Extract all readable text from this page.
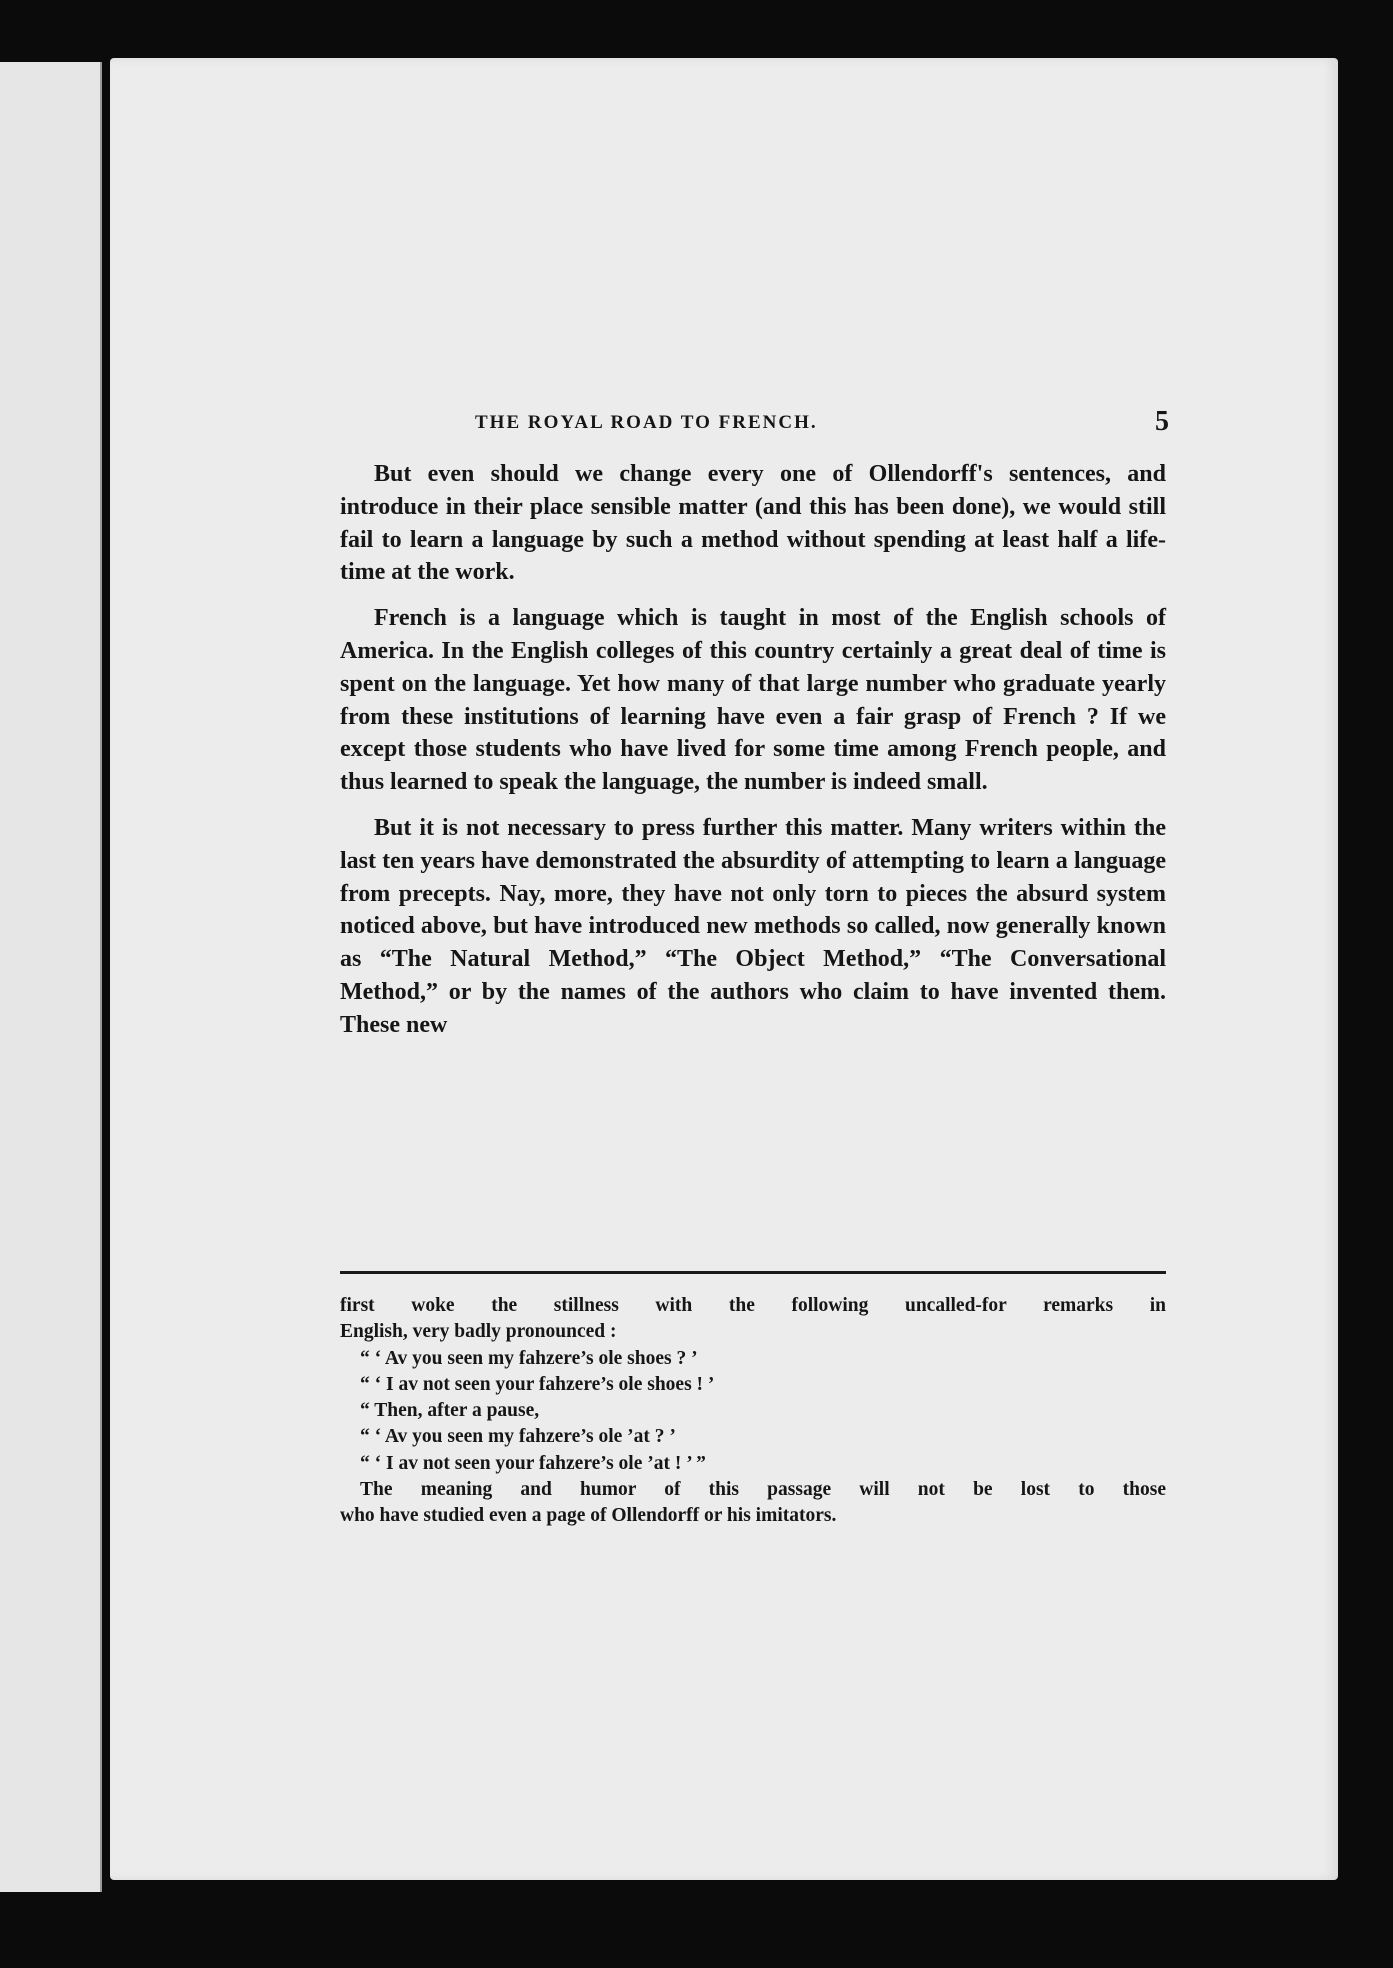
THE ROYAL ROAD TO FRENCH.	5

But even should we change every one of Ollendorff's sentences, and introduce in their place sensible matter (and this has been done), we would still fail to learn a language by such a method without spending at least half a life-time at the work.

French is a language which is taught in most of the English schools of America. In the English colleges of this country certainly a great deal of time is spent on the language. Yet how many of that large number who graduate yearly from these institutions of learning have even a fair grasp of French ? If we except those students who have lived for some time among French people, and thus learned to speak the language, the number is indeed small.

But it is not necessary to press further this matter. Many writers within the last ten years have demonstrated the absurdity of attempting to learn a language from precepts. Nay, more, they have not only torn to pieces the absurd system noticed above, but have introduced new methods so called, now generally known as “The Natural Method,” “The Object Method,” “The Conversational Method,” or by the names of the authors who claim to have invented them. These new

first woke the stillness with the following uncalled-for remarks in
English, very badly pronounced :
“ ‘ Av you seen my fahzere’s ole shoes ? ’
“ ‘ I av not seen your fahzere’s ole shoes ! ’
“ Then, after a pause,
“ ‘ Av you seen my fahzere’s ole ’at ? ’
“ ‘ I av not seen your fahzere’s ole ’at ! ’ ”
The meaning and humor of this passage will not be lost to those
who have studied even a page of Ollendorff or his imitators.
